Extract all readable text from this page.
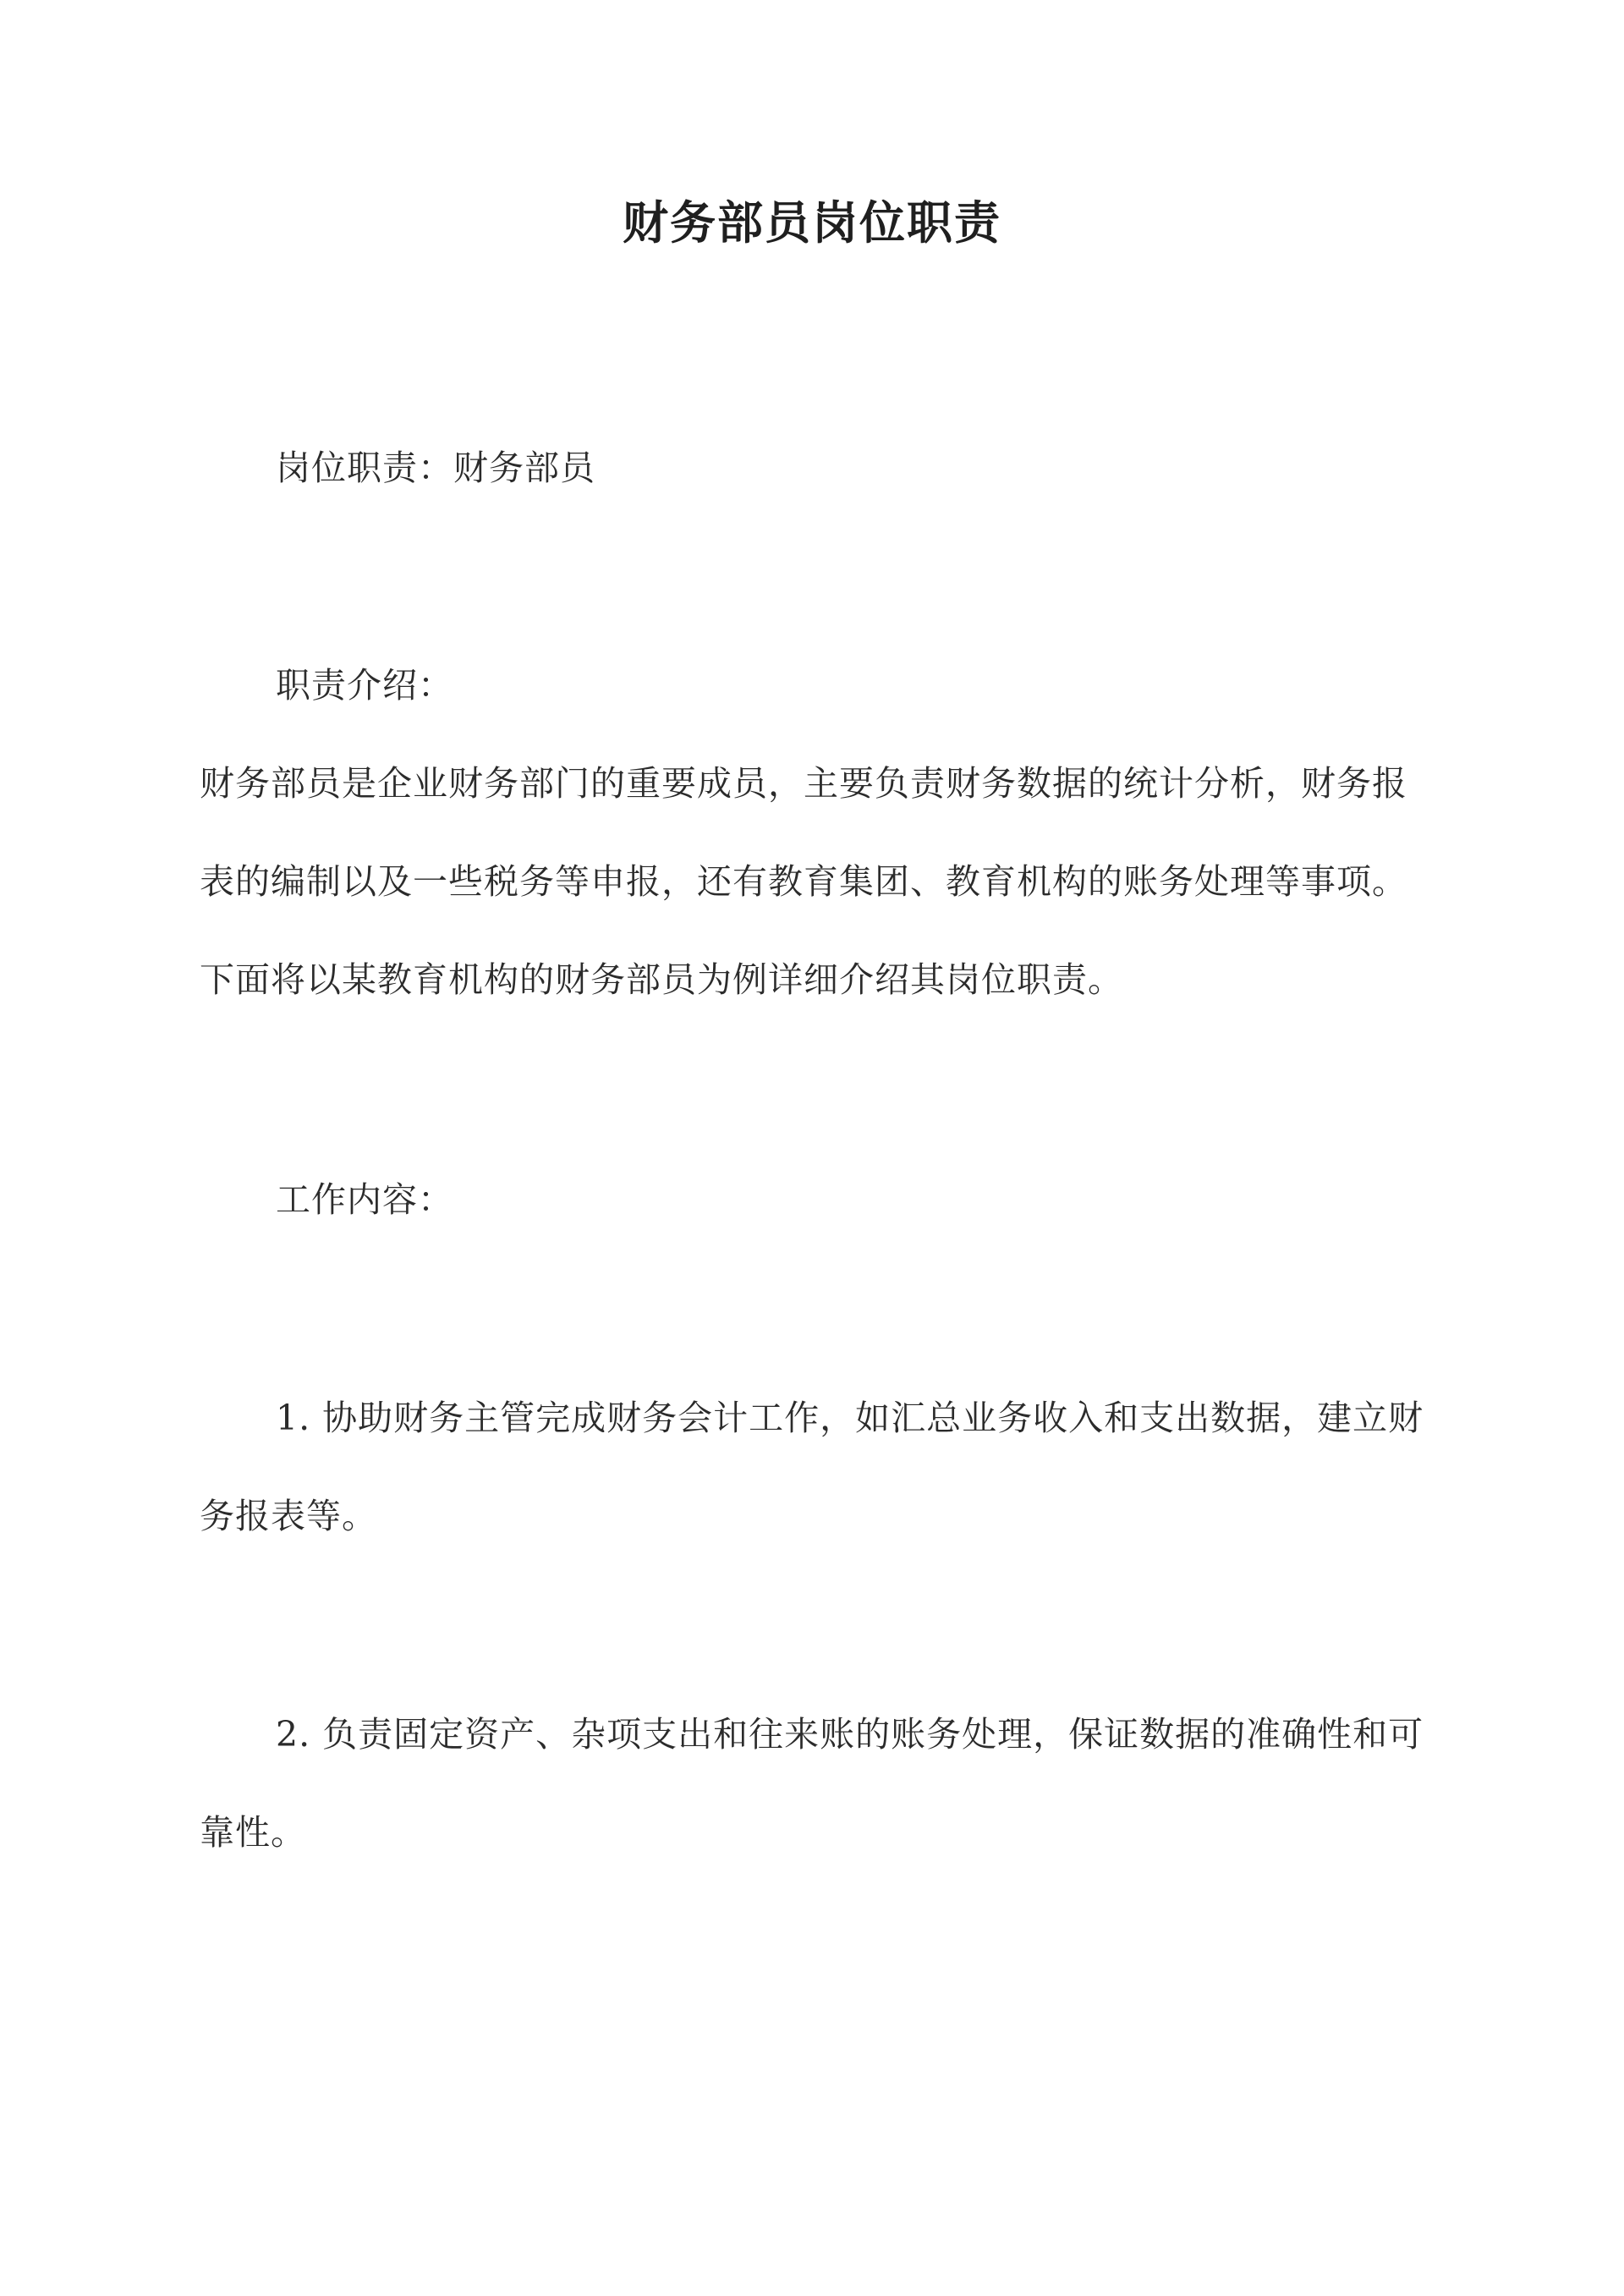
财务部员岗位职责

岗位职责：财务部员

职责介绍：

财务部员是企业财务部门的重要成员，主要负责财务数据的统计分析，财务报表的编制以及一些税务等申报，还有教育集团、教育机构的账务处理等事项。下面将以某教育机构的财务部员为例详细介绍其岗位职责。

工作内容：

1. 协助财务主管完成财务会计工作，如汇总业务收入和支出数据，建立财务报表等。

2. 负责固定资产、杂项支出和往来账的账务处理，保证数据的准确性和可靠性。
